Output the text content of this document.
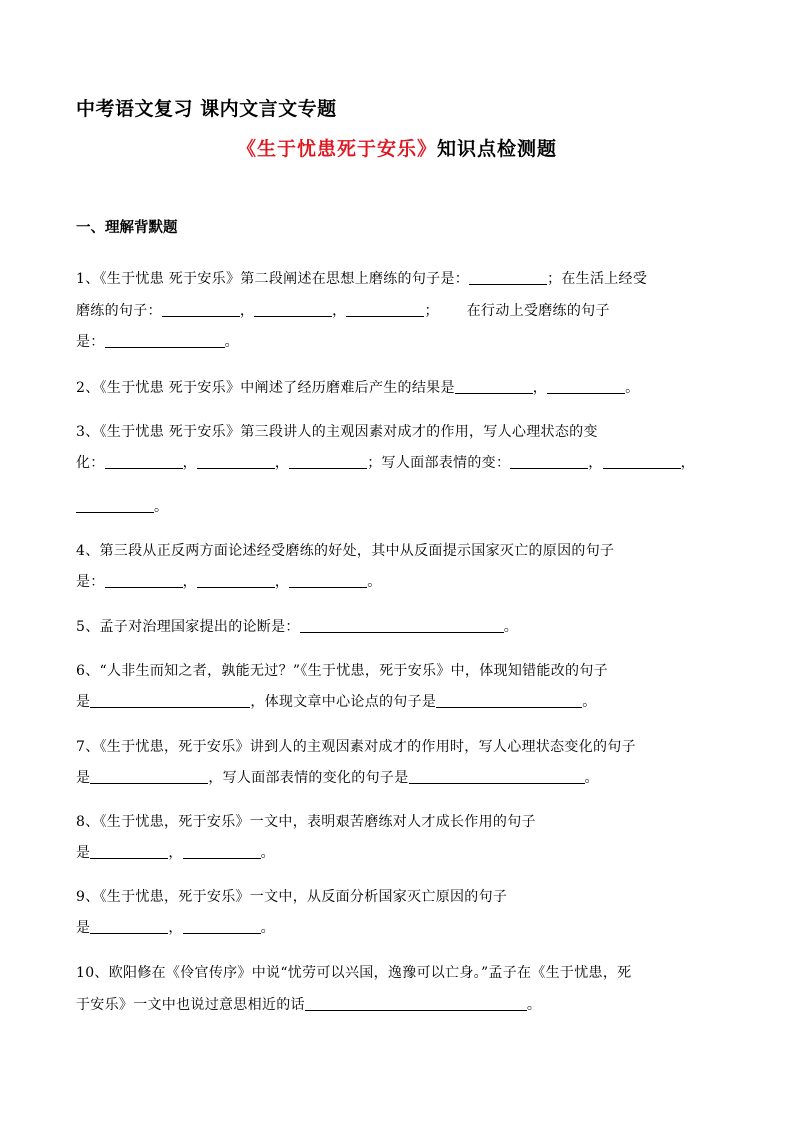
中考语文复习 课内文言文专题
《生于忧患死于安乐》知识点检测题
一、理解背默题
1、《生于忧患 死于安乐》第二段阐述在思想上磨练的句子是：	；在生活上经受
磨练的句子：	，	，	； 在行动上受磨练的句子
是：	。
2、《生于忧患 死于安乐》中阐述了经历磨难后产生的结果是	，	。
3、《生于忧患 死于安乐》第三段讲人的主观因素对成才的作用，写人心理状态的变
化：	，	，	；写人面部表情的变：	，	，
。
4、第三段从正反两方面论述经受磨练的好处，其中从反面提示国家灭亡的原因的句子
是：	，	，	。
5、孟子对治理国家提出的论断是：	。
6、“人非生而知之者，孰能无过？”《生于忧患，死于安乐》中，体现知错能改的句子
是	，体现文章中心论点的句子是	。
7、《生于忧患，死于安乐》讲到人的主观因素对成才的作用时，写人心理状态变化的句子
是	，写人面部表情的变化的句子是	。
8、《生于忧患，死于安乐》一文中，表明艰苦磨练对人才成长作用的句子
是	，	。
9、《生于忧患，死于安乐》一文中，从反面分析国家灭亡原因的句子
是	，	。
10、欧阳修在《伶官传序》中说“忧劳可以兴国，逸豫可以亡身。”孟子在《生于忧患，死
于安乐》一文中也说过意思相近的话	。
